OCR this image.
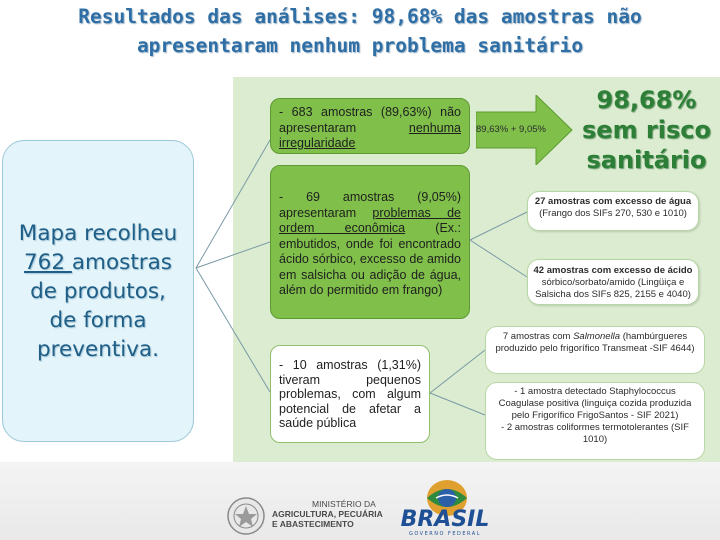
Resultados das análises: 98,68% das amostras não
apresentaram nenhum problema sanitário
Mapa recolheu
762 amostras
de produtos,
de forma
preventiva.
- 683 amostras (89,63%) não apresentaram nenhuma irregularidade
- 69 amostras (9,05%) apresentaram problemas de ordem econômica (Ex.: embutidos, onde foi encontrado ácido sórbico, excesso de amido em salsicha ou adição de água, além do permitido em frango)
- 10 amostras (1,31%) tiveram pequenos problemas, com algum potencial de afetar a saúde pública
89,63% + 9,05%
98,68%
sem risco
sanitário
27 amostras com excesso de água
(Frango dos SIFs 270, 530 e 1010)
42 amostras com excesso de ácido
sórbico/sorbato/amido (Lingüiça e Salsicha dos SIFs 825, 2155 e 4040)
7 amostras com Salmonella (hambúrgueres produzido pelo frigorífico Transmeat -SIF 4644)
- 1 amostra detectado Staphylococcus Coagulase positiva (linguiça cozida produzida pelo Frigorífico FrigoSantos - SIF 2021)
- 2 amostras coliformes termotolerantes (SIF 1010)
MINISTÉRIO DA
AGRICULTURA, PECUÁRIA
E ABASTECIMENTO	BRASIL
GOVERNO FEDERAL
